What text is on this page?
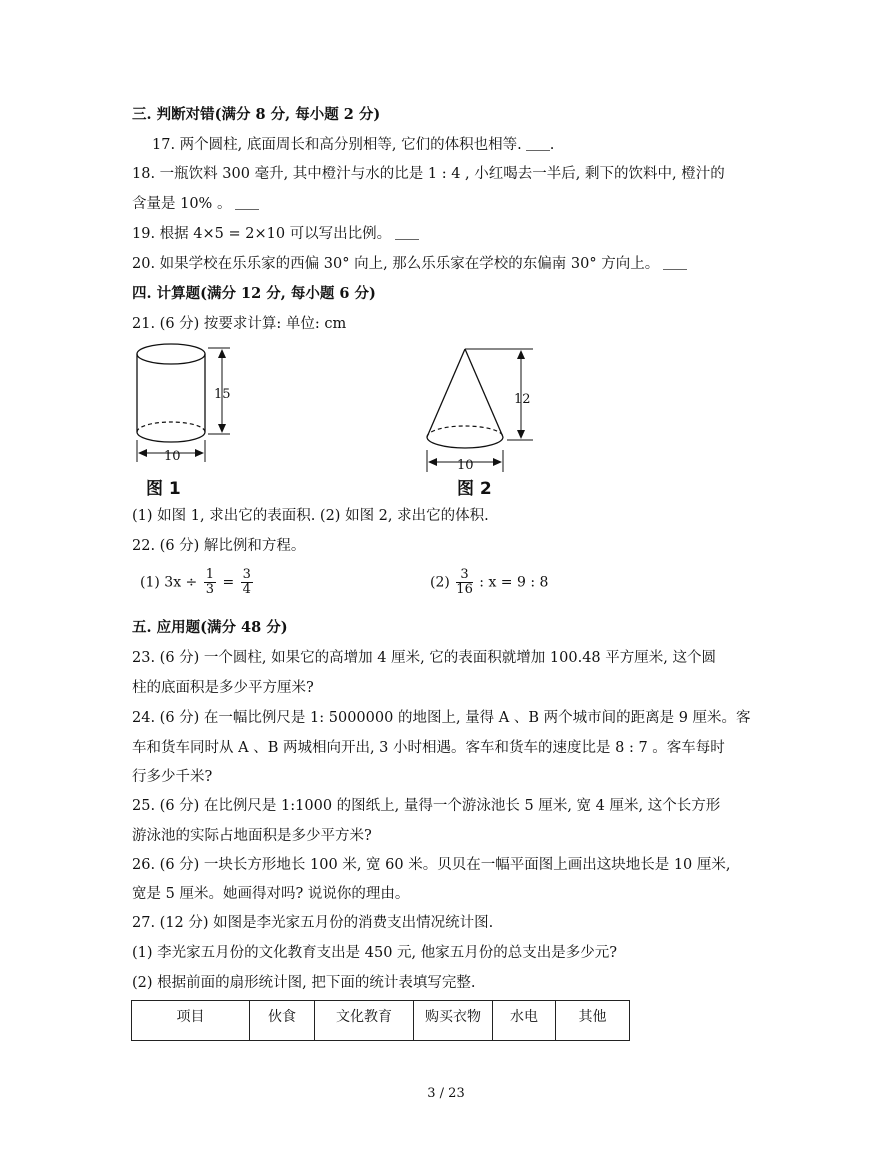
三. 判断对错(满分 8 分, 每小题 2 分)
17. 两个圆柱, 底面周长和高分别相等, 它们的体积也相等. .
18. 一瓶饮料 300 毫升, 其中橙汁与水的比是 1 : 4 , 小红喝去一半后, 剩下的饮料中, 橙汁的
含量是 10% 。
19. 根据 4×5 = 2×10 可以写出比例。
20. 如果学校在乐乐家的西偏 30° 向上, 那么乐乐家在学校的东偏南 30° 方向上。
四. 计算题(满分 12 分, 每小题 6 分)
21. (6 分) 按要求计算: 单位: cm
15
10
图 1
12
10
图 2
(1) 如图 1, 求出它的表面积. (2) 如图 2, 求出它的体积.
22. (6 分) 解比例和方程。
(1) $3x \div \frac{1}{3} = \frac{3}{4}$	$(2) \frac{3}{16}$ : x = 9 : 8
五. 应用题(满分 48 分)
23. (6 分) 一个圆柱, 如果它的高增加 4 厘米, 它的表面积就增加 100.48 平方厘米, 这个圆
柱的底面积是多少平方厘米?
24. (6 分) 在一幅比例尺是 1: 5000000 的地图上, 量得 A 、B 两个城市间的距离是 9 厘米。客
车和货车同时从 A 、B 两城相向开出, 3 小时相遇。客车和货车的速度比是 8 : 7 。客车每时
行多少千米?
25. (6 分) 在比例尺是 1:1000 的图纸上, 量得一个游泳池长 5 厘米, 宽 4 厘米, 这个长方形
游泳池的实际占地面积是多少平方米?
26. (6 分) 一块长方形地长 100 米, 宽 60 米。贝贝在一幅平面图上画出这块地长是 10 厘米,
宽是 5 厘米。她画得对吗? 说说你的理由。
27. (12 分) 如图是李光家五月份的消费支出情况统计图.
(1) 李光家五月份的文化教育支出是 450 元, 他家五月份的总支出是多少元?
(2) 根据前面的扇形统计图, 把下面的统计表填写完整.
项目	伙食	文化教育	购买衣物	水电	其他
3 / 23
